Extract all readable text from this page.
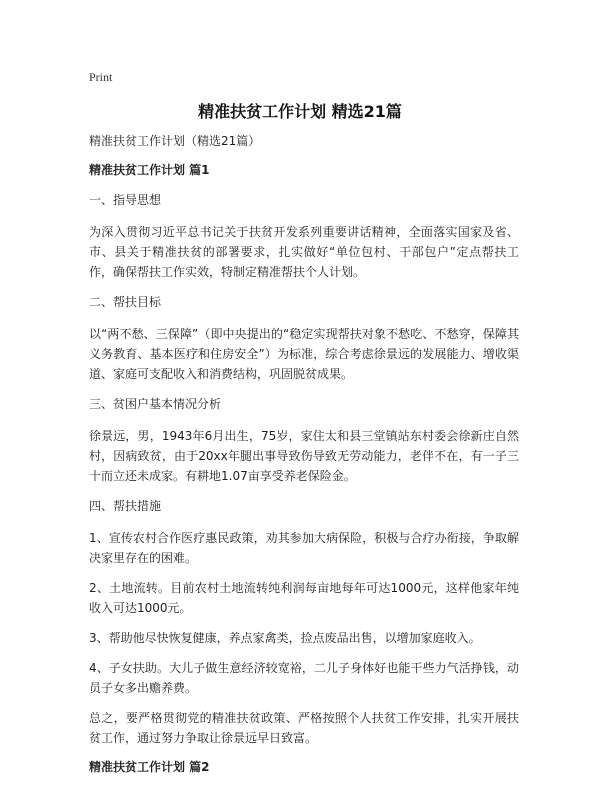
Print
精准扶贫工作计划 精选21篇

精准扶贫工作计划（精选21篇）

精准扶贫工作计划 篇1

一、指导思想

为深入贯彻习近平总书记关于扶贫开发系列重要讲话精神，全面落实国家及省、市、县关于精准扶贫的部署要求，扎实做好“单位包村、干部包户”定点帮扶工作，确保帮扶工作实效，特制定精准帮扶个人计划。

二、帮扶目标

以“两不愁、三保障”（即中央提出的“稳定实现帮扶对象不愁吃、不愁穿，保障其义务教育、基本医疗和住房安全”）为标准，综合考虑徐景远的发展能力、增收渠道、家庭可支配收入和消费结构，巩固脱贫成果。

三、贫困户基本情况分析

徐景远，男，1943年6月出生，75岁，家住太和县三堂镇站东村委会徐新庄自然村，因病致贫，由于20xx年腿出事导致伤导致无劳动能力，老伴不在，有一子三十而立还未成家。有耕地1.07亩享受养老保险金。

四、帮扶措施

1、宣传农村合作医疗惠民政策，劝其参加大病保险，积极与合疗办衔接，争取解决家里存在的困难。

2、土地流转。目前农村土地流转纯利润每亩地每年可达1000元，这样他家年纯收入可达1000元。

3、帮助他尽快恢复健康，养点家禽类，捡点废品出售，以增加家庭收入。

4、子女扶助。大儿子做生意经济较宽裕，二儿子身体好也能干些力气活挣钱，动员子女多出赡养费。

总之，要严格贯彻党的精准扶贫政策、严格按照个人扶贫工作安排，扎实开展扶贫工作，通过努力争取让徐景远早日致富。

精准扶贫工作计划 篇2
